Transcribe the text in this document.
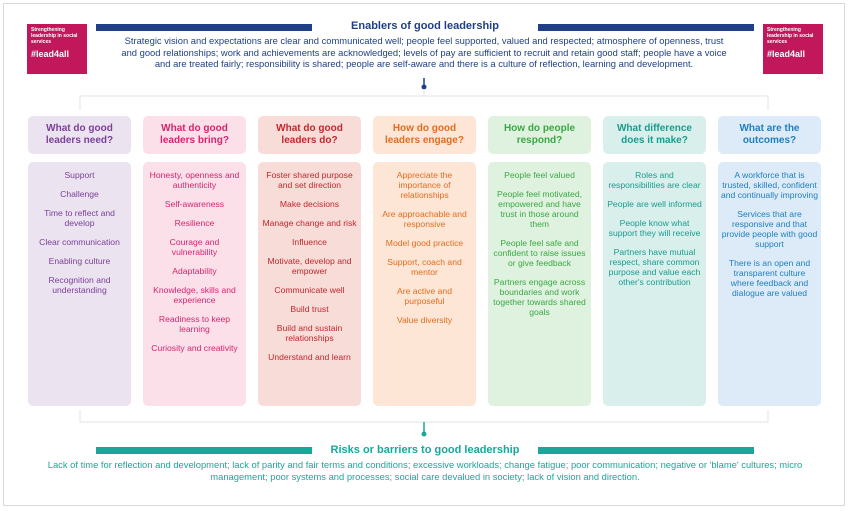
Strengthening leadership in social services
#lead4all
Strengthening leadership in social services
#lead4all
Enablers of good leadership
Strategic vision and expectations are clear and communicated well; people feel supported, valued and respected; atmosphere of openness, trust and good relationships; work and achievements are acknowledged; levels of pay are sufficient to recruit and retain good staff; people have a voice and are treated fairly; responsibility is shared; people are self-aware and there is a culture of reflection, learning and development.
What do good leaders need?
Support
Challenge
Time to reflect and develop
Clear communication
Enabling culture
Recognition and understanding
What do good leaders bring?
Honesty, openness and authenticity
Self-awareness
Resilience
Courage and vulnerability
Adaptability
Knowledge, skills and experience
Readiness to keep learning
Curiosity and creativity
What do good leaders do?
Foster shared purpose and set direction
Make decisions
Manage change and risk
Influence
Motivate, develop and empower
Communicate well
Build trust
Build and sustain relationships
Understand and learn
How do good leaders engage?
Appreciate the importance of relationships
Are approachable and responsive
Model good practice
Support, coach and mentor
Are active and purposeful
Value diversity
How do people respond?
People feel valued
People feel motivated, empowered and have trust in those around them
People feel safe and confident to raise issues or give feedback
Partners engage across boundaries and work together towards shared goals
What difference does it make?
Roles and responsibilities are clear
People are well informed
People know what support they will receive
Partners have mutual respect, share common purpose and value each other's contribution
What are the outcomes?
A workforce that is trusted, skilled, confident and continually improving
Services that are responsive and that provide people with good support
There is an open and transparent culture where feedback and dialogue are valued
Risks or barriers to good leadership
Lack of time for reflection and development; lack of parity and fair terms and conditions; excessive workloads; change fatigue; poor communication; negative or 'blame' cultures; micro management; poor systems and processes; social care devalued in society; lack of vision and direction.
